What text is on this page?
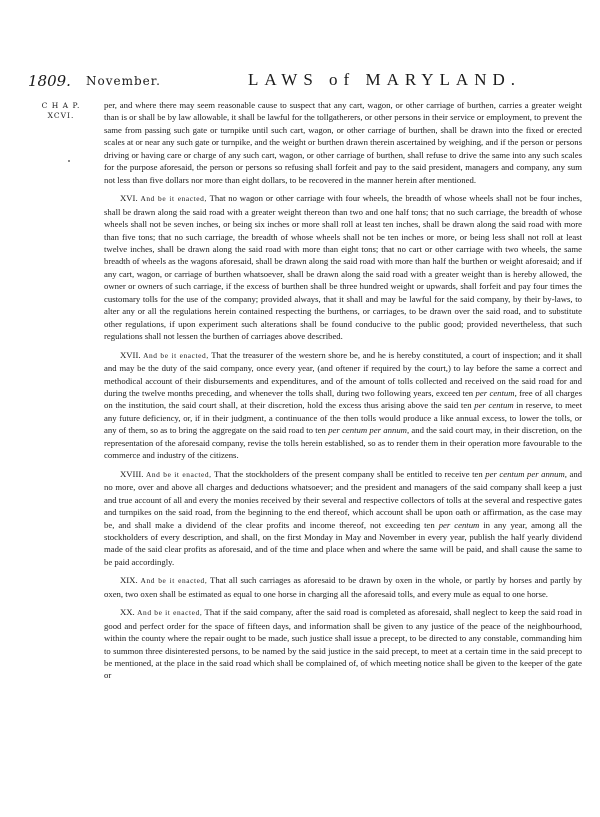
1809. November.	LAWS of MARYLAND.
C H A P.
XCVI.

per, and where there may seem reasonable cause to suspect that any cart, wagon, or other carriage of burthen, carries a greater weight than is or shall be by law allowable, it shall be lawful for the tollgatherers, or other persons in their service or employment, to prevent the same from passing such gate or turnpike until such cart, wagon, or other carriage of burthen, shall be drawn into the fixed or erected scales at or near any such gate or turnpike, and the weight or burthen drawn therein ascertained by weighing, and if the person or persons driving or having care or charge of any such cart, wagon, or other carriage of burthen, shall refuse to drive the same into any such scales for the purpose aforesaid, the person or persons so refusing shall forfeit and pay to the said president, managers and company, any sum not less than five dollars nor more than eight dollars, to be recovered in the manner herein after mentioned.

XVI. And be it enacted, That no wagon or other carriage with four wheels, the breadth of whose wheels shall not be four inches, shall be drawn along the said road with a greater weight thereon than two and one half tons; that no such carriage, the breadth of whose wheels shall not be seven inches, or being six inches or more shall roll at least ten inches, shall be drawn along the said road with more than five tons; that no such carriage, the breadth of whose wheels shall not be ten inches or more, or being less shall not roll at least twelve inches, shall be drawn along the said road with more than eight tons; that no cart or other carriage with two wheels, the same breadth of wheels as the wagons aforesaid, shall be drawn along the said road with more than half the burthen or weight aforesaid; and if any cart, wagon, or carriage of burthen whatsoever, shall be drawn along the said road with a greater weight than is hereby allowed, the owner or owners of such carriage, if the excess of burthen shall be three hundred weight or upwards, shall forfeit and pay four times the customary tolls for the use of the company; provided always, that it shall and may be lawful for the said company, by their by-laws, to alter any or all the regulations herein contained respecting the burthens, or carriages, to be drawn over the said road, and to substitute other regulations, if upon experiment such alterations shall be found conducive to the public good; provided nevertheless, that such regulations shall not lessen the burthen of carriages above described.

XVII. And be it enacted, That the treasurer of the western shore be, and he is hereby constituted, a court of inspection; and it shall and may be the duty of the said company, once every year, (and oftener if required by the court,) to lay before the same a correct and methodical account of their disbursements and expenditures, and of the amount of tolls collected and received on the said road for and during the twelve months preceding, and whenever the tolls shall, during two following years, exceed ten per centum, free of all charges on the institution, the said court shall, at their discretion, hold the excess thus arising above the said ten per centum in reserve, to meet any future deficiency, or, if in their judgment, a continuance of the then tolls would produce a like annual excess, to lower the tolls, or any of them, so as to bring the aggregate on the said road to ten per centum per annum, and the said court may, in their discretion, on the representation of the aforesaid company, revise the tolls herein established, so as to render them in their operation more favourable to the commerce and industry of the citizens.

XVIII. And be it enacted, That the stockholders of the present company shall be entitled to receive ten per centum per annum, and no more, over and above all charges and deductions whatsoever; and the president and managers of the said company shall keep a just and true account of all and every the monies received by their several and respective collectors of tolls at the several and respective gates and turnpikes on the said road, from the beginning to the end thereof, which account shall be upon oath or affirmation, as the case may be, and shall make a dividend of the clear profits and income thereof, not exceeding ten per centum in any year, among all the stockholders of every description, and shall, on the first Monday in May and November in every year, publish the half yearly dividend made of the said clear profits as aforesaid, and of the time and place when and where the same will be paid, and shall cause the same to be paid accordingly.

XIX. And be it enacted, That all such carriages as aforesaid to be drawn by oxen in the whole, or partly by horses and partly by oxen, two oxen shall be estimated as equal to one horse in charging all the aforesaid tolls, and every mule as equal to one horse.

XX. And be it enacted, That if the said company, after the said road is completed as aforesaid, shall neglect to keep the said road in good and perfect order for the space of fifteen days, and information shall be given to any justice of the peace of the neighbourhood, within the county where the repair ought to be made, such justice shall issue a precept, to be directed to any constable, commanding him to summon three disinterested persons, to be named by the said justice in the said precept, to meet at a certain time in the said precept to be mentioned, at the place in the said road which shall be complained of, of which meeting notice shall be given to the keeper of the gate or
